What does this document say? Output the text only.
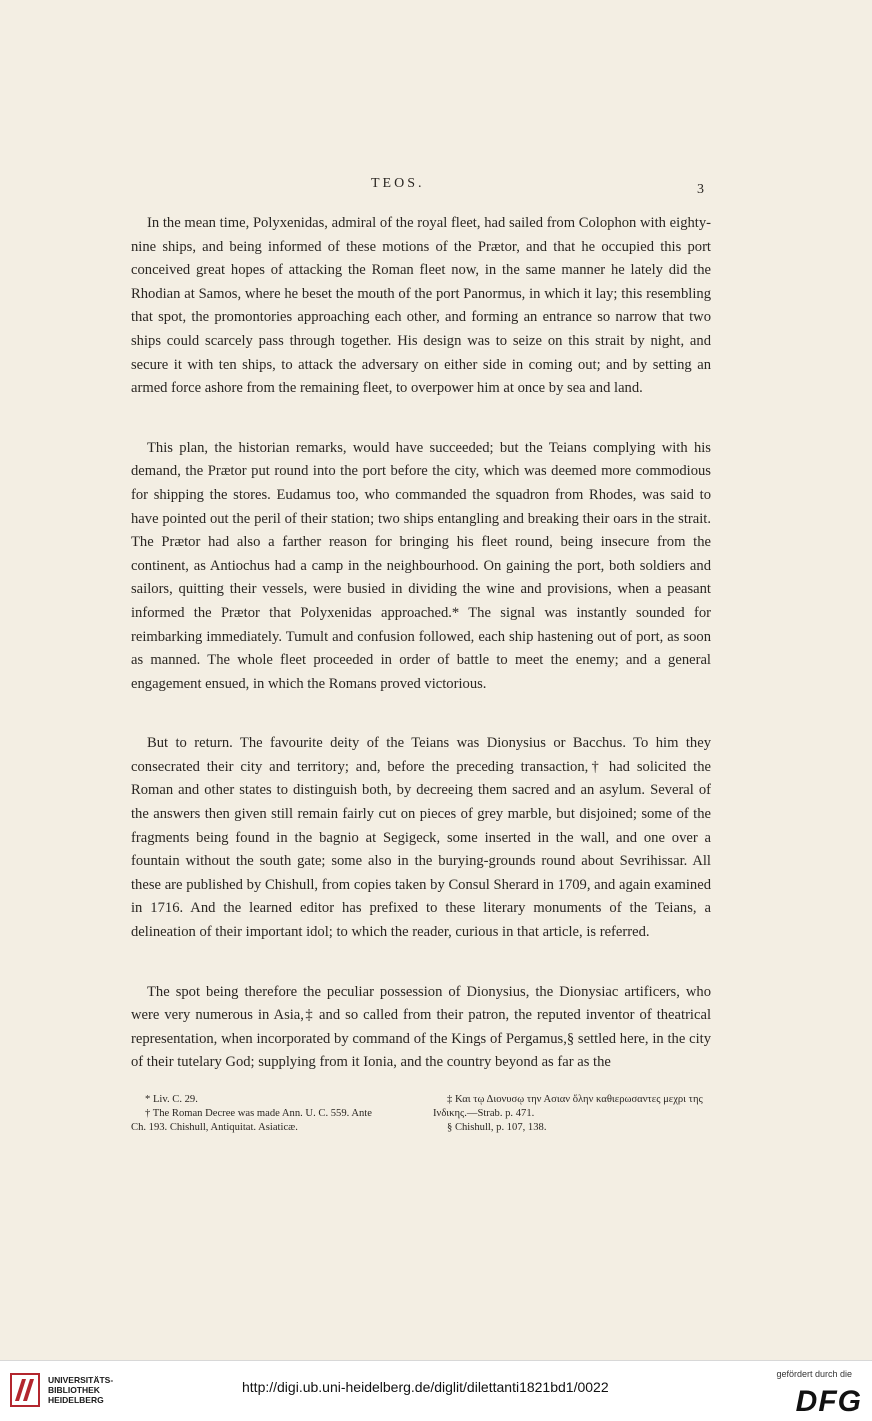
TEOS.	3

In the mean time, Polyxenidas, admiral of the royal fleet, had sailed from Colophon with eighty-nine ships, and being informed of these motions of the Prætor, and that he occupied this port conceived great hopes of attacking the Roman fleet now, in the same manner he lately did the Rhodian at Samos, where he beset the mouth of the port Panormus, in which it lay; this resembling that spot, the promontories approaching each other, and forming an entrance so narrow that two ships could scarcely pass through together. His design was to seize on this strait by night, and secure it with ten ships, to attack the adversary on either side in coming out; and by setting an armed force ashore from the remaining fleet, to overpower him at once by sea and land.

This plan, the historian remarks, would have succeeded; but the Teians complying with his demand, the Prætor put round into the port before the city, which was deemed more commodious for shipping the stores. Eudamus too, who commanded the squadron from Rhodes, was said to have pointed out the peril of their station; two ships entangling and breaking their oars in the strait. The Prætor had also a farther reason for bringing his fleet round, being insecure from the continent, as Antiochus had a camp in the neighbourhood. On gaining the port, both soldiers and sailors, quitting their vessels, were busied in dividing the wine and provisions, when a peasant informed the Prætor that Polyxenidas approached.* The signal was instantly sounded for reimbarking immediately. Tumult and confusion followed, each ship hastening out of port, as soon as manned. The whole fleet proceeded in order of battle to meet the enemy; and a general engagement ensued, in which the Romans proved victorious.

But to return. The favourite deity of the Teians was Dionysius or Bacchus. To him they consecrated their city and territory; and, before the preceding transaction,† had solicited the Roman and other states to distinguish both, by decreeing them sacred and an asylum. Several of the answers then given still remain fairly cut on pieces of grey marble, but disjoined; some of the fragments being found in the bagnio at Segigeck, some inserted in the wall, and one over a fountain without the south gate; some also in the burying-grounds round about Sevrihissar. All these are published by Chishull, from copies taken by Consul Sherard in 1709, and again examined in 1716. And the learned editor has prefixed to these literary monuments of the Teians, a delineation of their important idol; to which the reader, curious in that article, is referred.

The spot being therefore the peculiar possession of Dionysius, the Dionysiac artificers, who were very numerous in Asia,‡ and so called from their patron, the reputed inventor of theatrical representation, when incorporated by command of the Kings of Pergamus,§ settled here, in the city of their tutelary God; supplying from it Ionia, and the country beyond as far as the

* Liv. C. 29.

† The Roman Decree was made Ann. U. C. 559. Ante

Ch. 193. Chishull, Antiquitat. Asiaticæ.

‡ Και τῳ Διονυσῳ την Ασιαν ὅλην καθιερωσαντες μεχρι της

Ινδικης.—Strab. p. 471.

§ Chishull, p. 107, 138.

UNIVERSITÄTS-
BIBLIOTHEK
HEIDELBERG
http://digi.ub.uni-heidelberg.de/diglit/dilettanti1821bd1/0022
gefördert durch die
DFG
